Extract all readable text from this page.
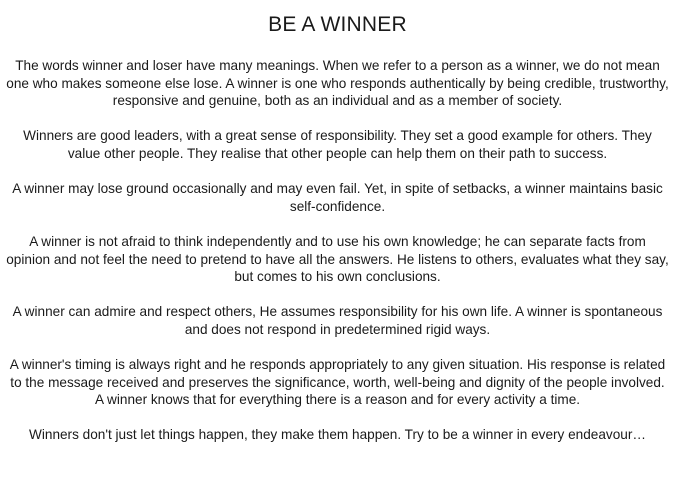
BE A WINNER

The words winner and loser have many meanings. When we refer to a person as a winner, we do not mean one who makes someone else lose. A winner is one who responds authentically by being credible, trustworthy, responsive and genuine, both as an individual and as a member of society.

Winners are good leaders, with a great sense of responsibility. They set a good example for others. They value other people. They realise that other people can help them on their path to success.

A winner may lose ground occasionally and may even fail. Yet, in spite of setbacks, a winner maintains basic self-confidence.

A winner is not afraid to think independently and to use his own knowledge; he can separate facts from opinion and not feel the need to pretend to have all the answers. He listens to others, evaluates what they say, but comes to his own conclusions.

A winner can admire and respect others, He assumes responsibility for his own life. A winner is spontaneous and does not respond in predetermined rigid ways.

A winner's timing is always right and he responds appropriately to any given situation. His response is related to the message received and preserves the significance, worth, well-being and dignity of the people involved. A winner knows that for everything there is a reason and for every activity a time.

Winners don't just let things happen, they make them happen. Try to be a winner in every endeavour…
